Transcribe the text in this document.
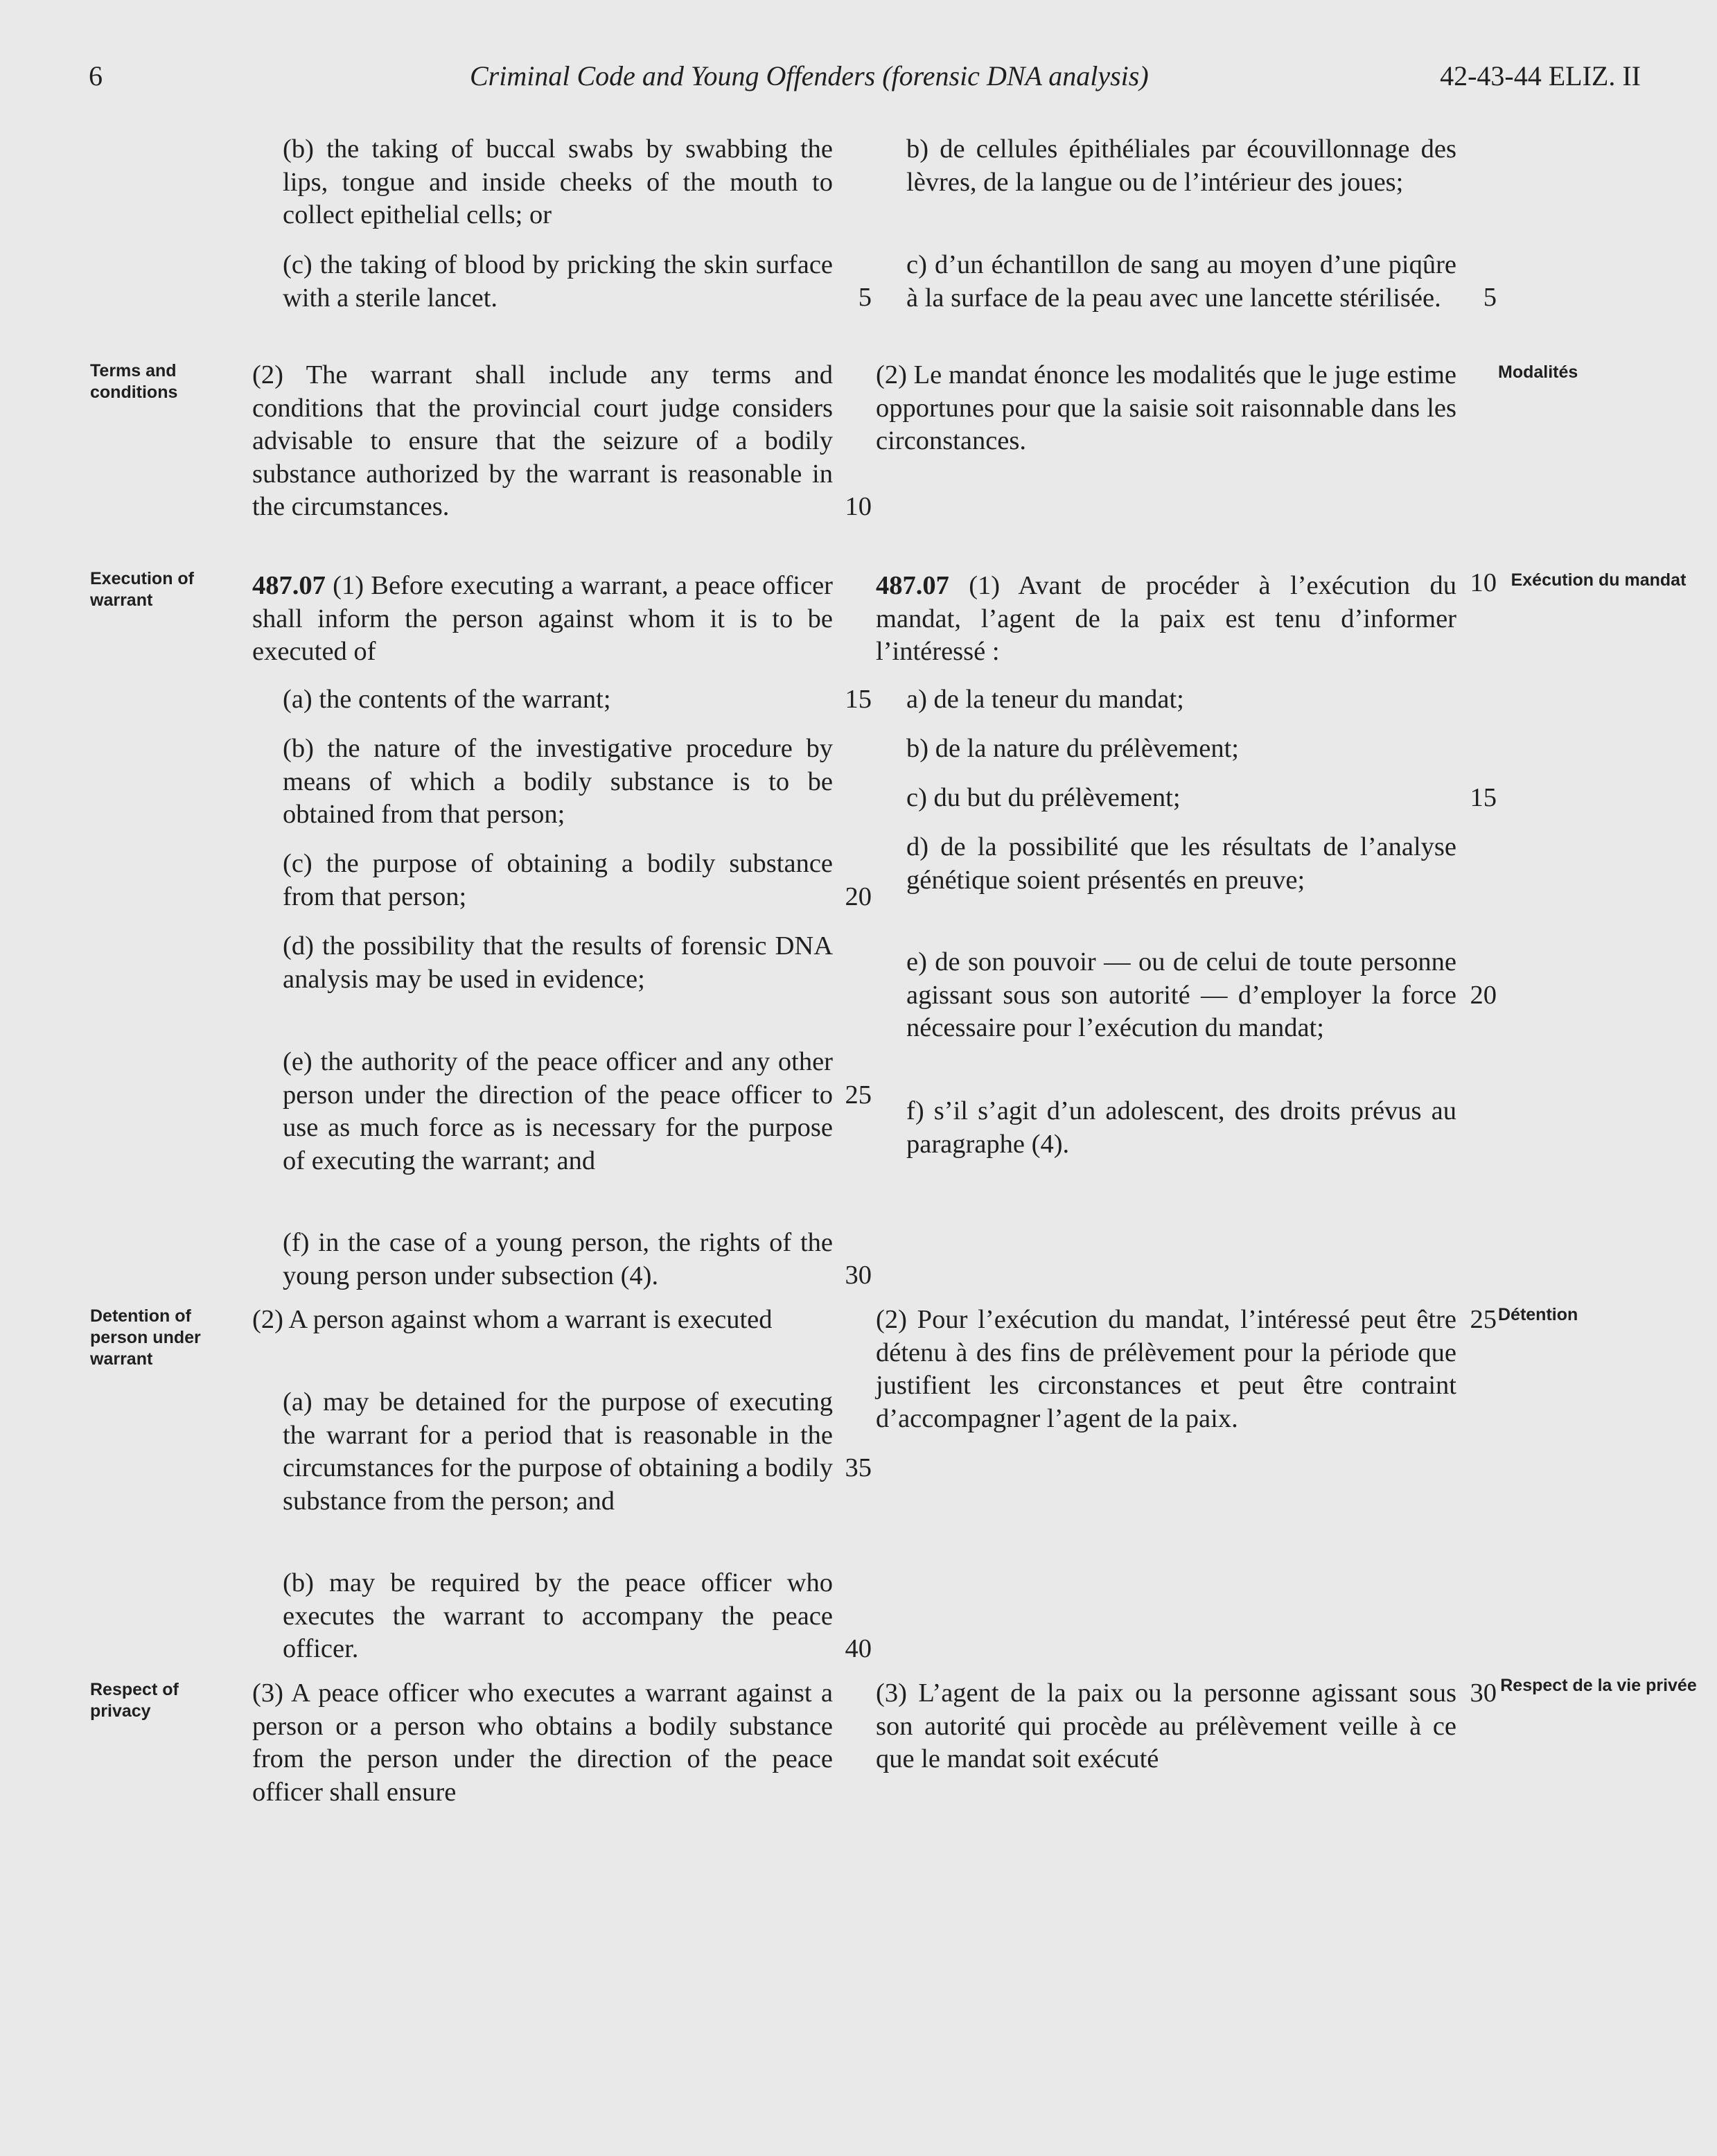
6	Criminal Code and Young Offenders (forensic DNA analysis)	42-43-44 ELIZ. II
(b) the taking of buccal swabs by swabbing the lips, tongue and inside cheeks of the mouth to collect epithelial cells; or
(c) the taking of blood by pricking the skin surface with a sterile lancet.
(2) The warrant shall include any terms and conditions that the provincial court judge considers advisable to ensure that the seizure of a bodily substance authorized by the warrant is reasonable in the circumstances.
487.07 (1) Before executing a warrant, a peace officer shall inform the person against whom it is to be executed of
(a) the contents of the warrant;
(b) the nature of the investigative procedure by means of which a bodily substance is to be obtained from that person;
(c) the purpose of obtaining a bodily substance from that person;
(d) the possibility that the results of forensic DNA analysis may be used in evidence;
(e) the authority of the peace officer and any other person under the direction of the peace officer to use as much force as is necessary for the purpose of executing the warrant; and
(f) in the case of a young person, the rights of the young person under subsection (4).
(2) A person against whom a warrant is executed
(a) may be detained for the purpose of executing the warrant for a period that is reasonable in the circumstances for the purpose of obtaining a bodily substance from the person; and
(b) may be required by the peace officer who executes the warrant to accompany the peace officer.
(3) A peace officer who executes a warrant against a person or a person who obtains a bodily substance from the person under the direction of the peace officer shall ensure
5
10
15
20
25
30
35
40
b) de cellules épithéliales par écouvillonnage des lèvres, de la langue ou de l’intérieur des joues;
c) d’un échantillon de sang au moyen d’une piqûre à la surface de la peau avec une lancette stérilisée.
(2) Le mandat énonce les modalités que le juge estime opportunes pour que la saisie soit raisonnable dans les circonstances.
487.07 (1) Avant de procéder à l’exécution du mandat, l’agent de la paix est tenu d’informer l’intéressé :
a) de la teneur du mandat;
b) de la nature du prélèvement;
c) du but du prélèvement;
d) de la possibilité que les résultats de l’analyse génétique soient présentés en preuve;
e) de son pouvoir — ou de celui de toute personne agissant sous son autorité — d’employer la force nécessaire pour l’exécution du mandat;
f) s’il s’agit d’un adolescent, des droits prévus au paragraphe (4).
(2) Pour l’exécution du mandat, l’intéressé peut être détenu à des fins de prélèvement pour la période que justifient les circonstances et peut être contraint d’accompagner l’agent de la paix.
(3) L’agent de la paix ou la personne agissant sous son autorité qui procède au prélèvement veille à ce que le mandat soit exécuté
5
10
15
20
25
30
Terms and conditions
Execution of warrant
Detention of person under warrant
Respect of privacy
Modalités
Exécution du mandat
Détention
Respect de la vie privée
